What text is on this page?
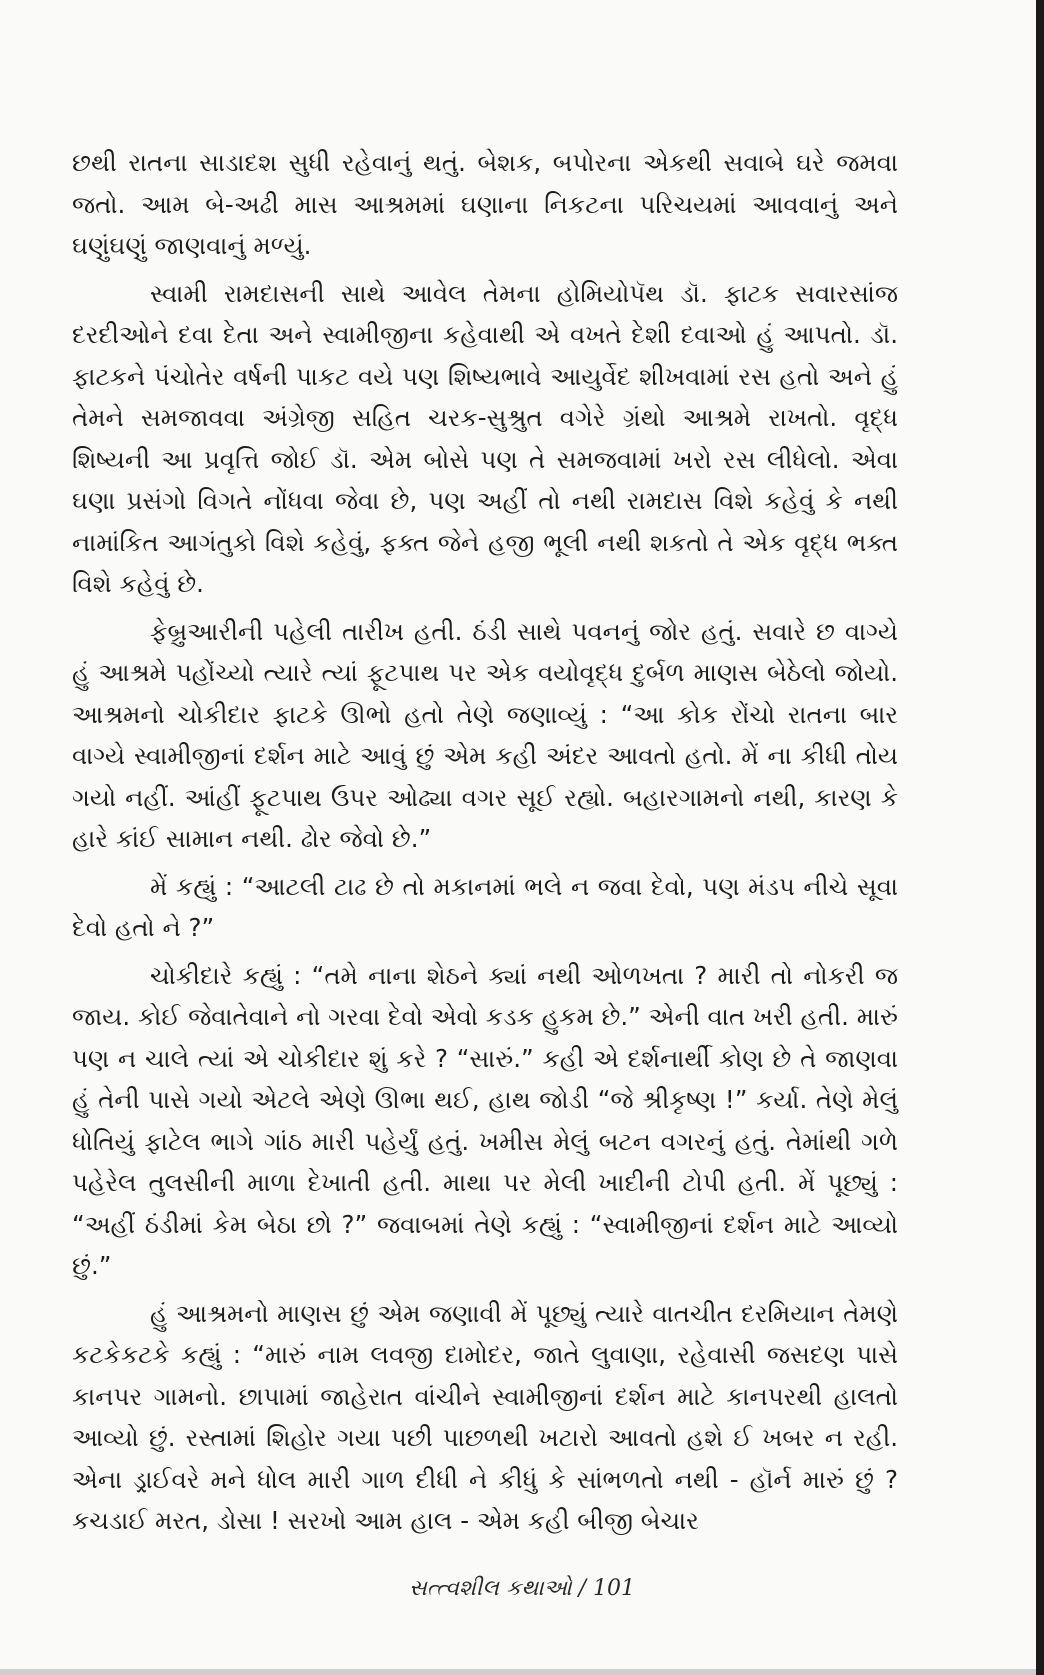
છથી રાતના સાડાદશ સુધી રહેવાનું થતું. બેશક, બપોરના એકથી સવાબે ઘરે જમવા જતો. આમ બે-અઢી માસ આશ્રમમાં ઘણાના નિકટના પરિચયમાં આવવાનું અને ઘણુંઘણું જાણવાનું મળ્યું.

સ્વામી રામદાસની સાથે આવેલ તેમના હોમિયોપૅથ ડૉ. ફાટક સવારસાંજ દરદીઓને દવા દેતા અને સ્વામીજીના કહેવાથી એ વખતે દેશી દવાઓ હું આપતો. ડૉ. ફાટકને પંચોતેર વર્ષની પાકટ વયે પણ શિષ્યભાવે આયુર્વેદ શીખવામાં રસ હતો અને હું તેમને સમજાવવા અંગ્રેજી સહિત ચરક-સુશ્રુત વગેરે ગ્રંથો આશ્રમે રાખતો. વૃદ્ધ શિષ્યની આ પ્રવૃત્તિ જોઈ ડૉ. એમ બોસે પણ તે સમજવામાં ખરો રસ લીધેલો. એવા ઘણા પ્રસંગો વિગતે નોંધવા જેવા છે, પણ અહીં તો નથી રામદાસ વિશે કહેવું કે નથી નામાંકિત આગંતુકો વિશે કહેવું, ફક્ત જેને હજી ભૂલી નથી શકતો તે એક વૃદ્ધ ભક્ત વિશે કહેવું છે.

ફેબ્રુઆરીની પહેલી તારીખ હતી. ઠંડી સાથે પવનનું જોર હતું. સવારે છ વાગ્યે હું આશ્રમે પહોંચ્યો ત્યારે ત્યાં ફૂટપાથ પર એક વયોવૃદ્ધ દુર્બળ માણસ બેઠેલો જોયો. આશ્રમનો ચોકીદાર ફાટકે ઊભો હતો તેણે જણાવ્યું : “આ કોક રોંચો રાતના બાર વાગ્યે સ્વામીજીનાં દર્શન માટે આવું છું એમ કહી અંદર આવતો હતો. મેં ના કીધી તોય ગયો નહીં. આંહીં ફૂટપાથ ઉપર ઓઢ્યા વગર સૂઈ રહ્યો. બહારગામનો નથી, કારણ કે હારે કાંઈ સામાન નથી. ઢોર જેવો છે.”

મેં કહ્યું : “આટલી ટાઢ છે તો મકાનમાં ભલે ન જવા દેવો, પણ મંડપ નીચે સૂવા દેવો હતો ને ?”

ચોકીદારે કહ્યું : “તમે નાના શેઠને ક્યાં નથી ઓળખતા ? મારી તો નોકરી જ જાય. કોઈ જેવાતેવાને નો ગરવા દેવો એવો કડક હુકમ છે.” એની વાત ખરી હતી. મારું પણ ન ચાલે ત્યાં એ ચોકીદાર શું કરે ? “સારું.” કહી એ દર્શનાર્થી કોણ છે તે જાણવા હું તેની પાસે ગયો એટલે એણે ઊભા થઈ, હાથ જોડી “જે શ્રીકૃષ્ણ !” કર્યા. તેણે મેલું ધોતિયું ફાટેલ ભાગે ગાંઠ મારી પહેર્યું હતું. ખમીસ મેલું બટન વગરનું હતું. તેમાંથી ગળે પહેરેલ તુલસીની માળા દેખાતી હતી. માથા પર મેલી ખાદીની ટોપી હતી. મેં પૂછ્યું : “અહીં ઠંડીમાં કેમ બેઠા છો ?” જવાબમાં તેણે કહ્યું : “સ્વામીજીનાં દર્શન માટે આવ્યો છું.”

હું આશ્રમનો માણસ છું એમ જણાવી મેં પૂછ્યું ત્યારે વાતચીત દરમિયાન તેમણે કટકેકટકે કહ્યું : “મારું નામ લવજી દામોદર, જાતે લુવાણા, રહેવાસી જસદણ પાસે કાનપર ગામનો. છાપામાં જાહેરાત વાંચીને સ્વામીજીનાં દર્શન માટે કાનપરથી હાલતો આવ્યો છું. રસ્તામાં શિહોર ગયા પછી પાછળથી ખટારો આવતો હશે ઈ ખબર ન રહી. એના ડ્રાઈવરે મને ધોલ મારી ગાળ દીધી ને કીધું કે સાંભળતો નથી - હૉર્ન મારું છું ? કચડાઈ મરત, ડોસા ! સરખો આમ હાલ - એમ કહી બીજી બેચાર

સત્ત્વશીલ કથાઓ / 101
